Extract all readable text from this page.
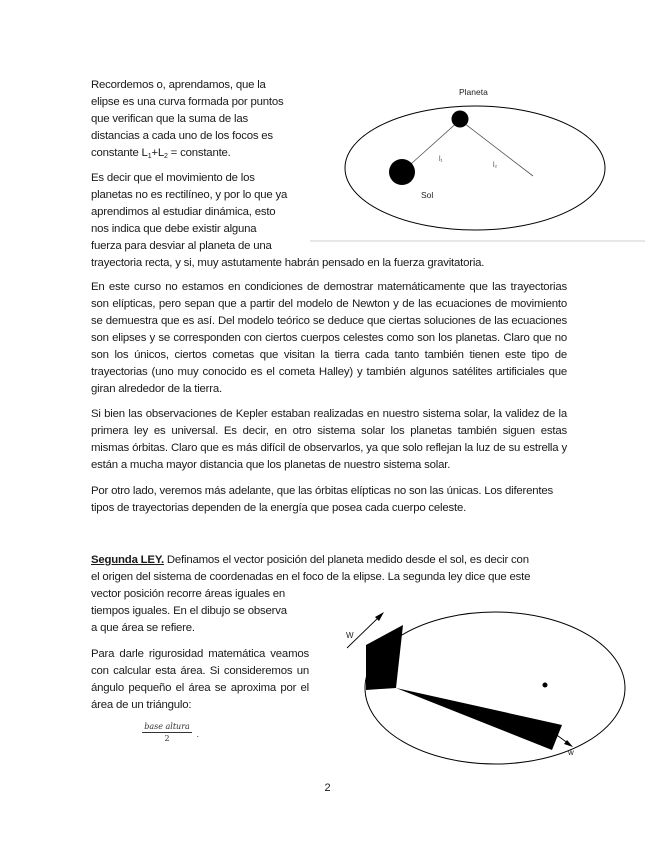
Recordemos o, aprendamos, que la

elipse es una curva formada por puntos

que verifican que la suma de las

distancias a cada uno de los focos es

constante $L_1+L_2$ = constante.

Es decir que el movimiento de los

planetas no es rectilíneo, y por lo que ya

aprendimos al estudiar dinámica, esto

nos indica que debe existir alguna

fuerza para desviar al planeta de una

trayectoria recta, y si, muy astutamente habrán pensado en la fuerza gravitatoria.

Planeta
Sol
l₁
l₂

En este curso no estamos en condiciones de demostrar matemáticamente que las trayectorias son elípticas, pero sepan que a partir del modelo de Newton y de las ecuaciones de movimiento se demuestra que es así. Del modelo teórico se deduce que ciertas soluciones de las ecuaciones son elipses y se corresponden con ciertos cuerpos celestes como son los planetas. Claro que no son los únicos, ciertos cometas que visitan la tierra cada tanto también tienen este tipo de trayectorias (uno muy conocido es el cometa Halley) y también algunos satélites artificiales que giran alrededor de la tierra.

Si bien las observaciones de Kepler estaban realizadas en nuestro sistema solar, la validez de la primera ley es universal. Es decir, en otro sistema solar los planetas también siguen estas mismas órbitas. Claro que es más difícil de observarlos, ya que solo reflejan la luz de su estrella y están a mucha mayor distancia que los planetas de nuestro sistema solar.

Por otro lado, veremos más adelante, que las órbitas elípticas no son las únicas. Los diferentes tipos de trayectorias dependen de la energía que posea cada cuerpo celeste.

Segunda LEY. Definamos el vector posición del planeta medido desde el sol, es decir con

el origen del sistema de coordenadas en el foco de la elipse. La segunda ley dice que este

vector posición recorre áreas iguales en

tiempos iguales. En el dibujo se observa

a que área se refiere.

Para darle rigurosidad matemática veamos con calcular esta área. Si consideremos un ángulo pequeño el área se aproxima por el área de un triángulo:

base altura
2	.
W
w
2
